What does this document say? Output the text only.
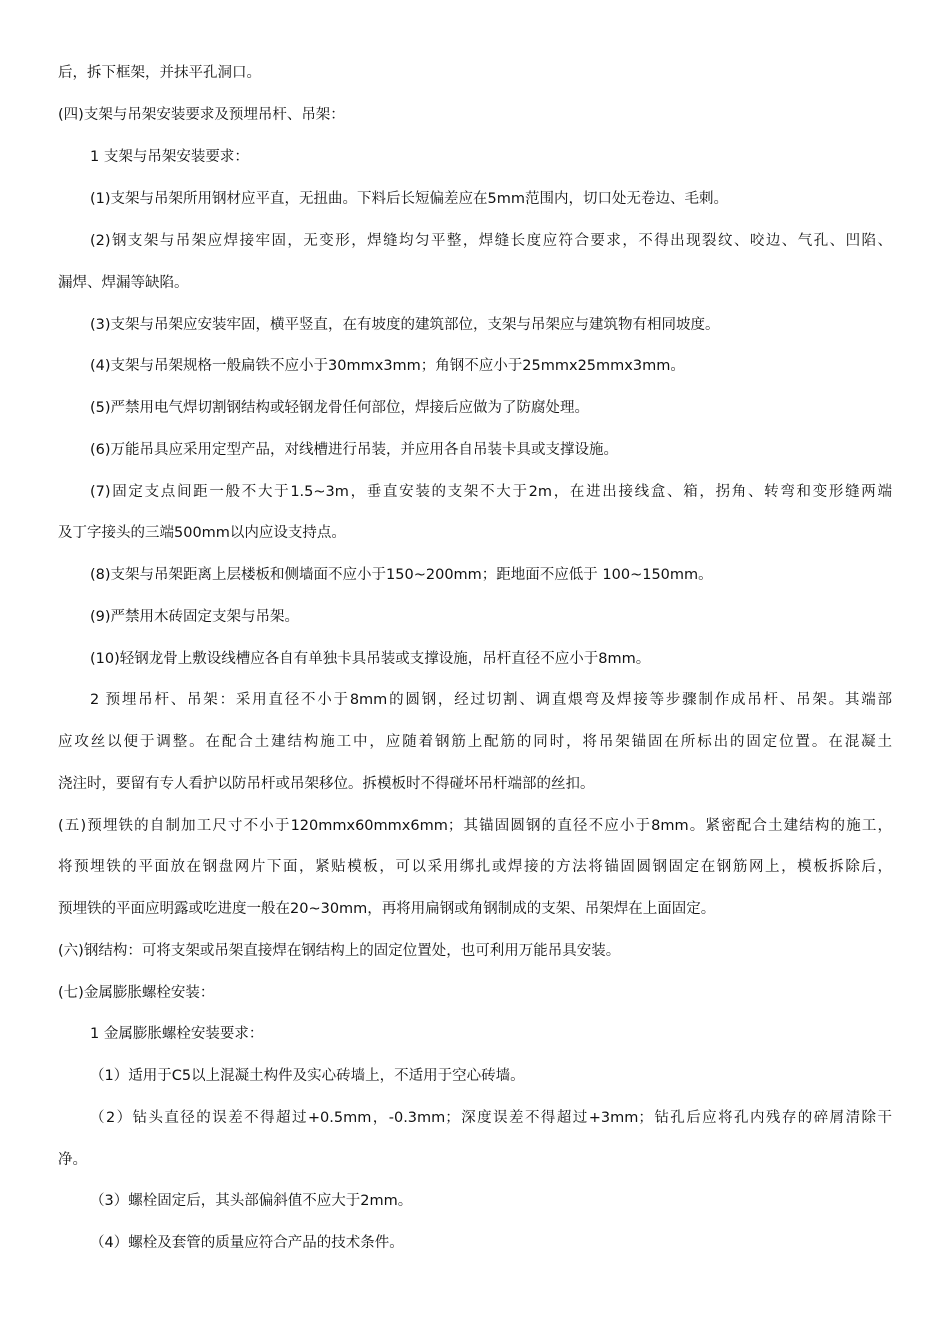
后，拆下框架，并抹平孔洞口。
(四)支架与吊架安装要求及预埋吊杆、吊架：
1 支架与吊架安装要求：
(1)支架与吊架所用钢材应平直，无扭曲。下料后长短偏差应在5mm范围内，切口处无卷边、毛刺。
(2)钢支架与吊架应焊接牢固，无变形，焊缝均匀平整，焊缝长度应符合要求，不得出现裂纹、咬边、气孔、凹陷、
漏焊、焊漏等缺陷。
(3)支架与吊架应安装牢固，横平竖直，在有坡度的建筑部位，支架与吊架应与建筑物有相同坡度。
(4)支架与吊架规格一般扁铁不应小于30mmx3mm；角钢不应小于25mmx25mmx3mm。
(5)严禁用电气焊切割钢结构或轻钢龙骨任何部位，焊接后应做为了防腐处理。
(6)万能吊具应采用定型产品，对线槽进行吊装，并应用各自吊装卡具或支撑设施。
(7)固定支点间距一般不大于1.5~3m，垂直安装的支架不大于2m，在进出接线盒、箱，拐角、转弯和变形缝两端
及丁字接头的三端500mm以内应设支持点。
(8)支架与吊架距离上层楼板和侧墙面不应小于150~200mm；距地面不应低于 100~150mm。
(9)严禁用木砖固定支架与吊架。
(10)轻钢龙骨上敷设线槽应各自有单独卡具吊装或支撑设施，吊杆直径不应小于8mm。
2 预埋吊杆、吊架：采用直径不小于8mm的圆钢，经过切割、调直煨弯及焊接等步骤制作成吊杆、吊架。其端部
应攻丝以便于调整。在配合土建结构施工中，应随着钢筋上配筋的同时，将吊架锚固在所标出的固定位置。在混凝土
浇注时，要留有专人看护以防吊杆或吊架移位。拆模板时不得碰坏吊杆端部的丝扣。
(五)预埋铁的自制加工尺寸不小于120mmx60mmx6mm；其锚固圆钢的直径不应小于8mm。紧密配合土建结构的施工，
将预埋铁的平面放在钢盘网片下面，紧贴模板，可以采用绑扎或焊接的方法将锚固圆钢固定在钢筋网上，模板拆除后，
预埋铁的平面应明露或吃进度一般在20~30mm，再将用扁钢或角钢制成的支架、吊架焊在上面固定。
(六)钢结构：可将支架或吊架直接焊在钢结构上的固定位置处，也可利用万能吊具安装。
(七)金属膨胀螺栓安装：
1 金属膨胀螺栓安装要求：
（1）适用于C5以上混凝土构件及实心砖墙上，不适用于空心砖墙。
（2）钻头直径的误差不得超过+0.5mm，-0.3mm；深度误差不得超过+3mm；钻孔后应将孔内残存的碎屑清除干
净。
（3）螺栓固定后，其头部偏斜值不应大于2mm。
（4）螺栓及套管的质量应符合产品的技术条件。
